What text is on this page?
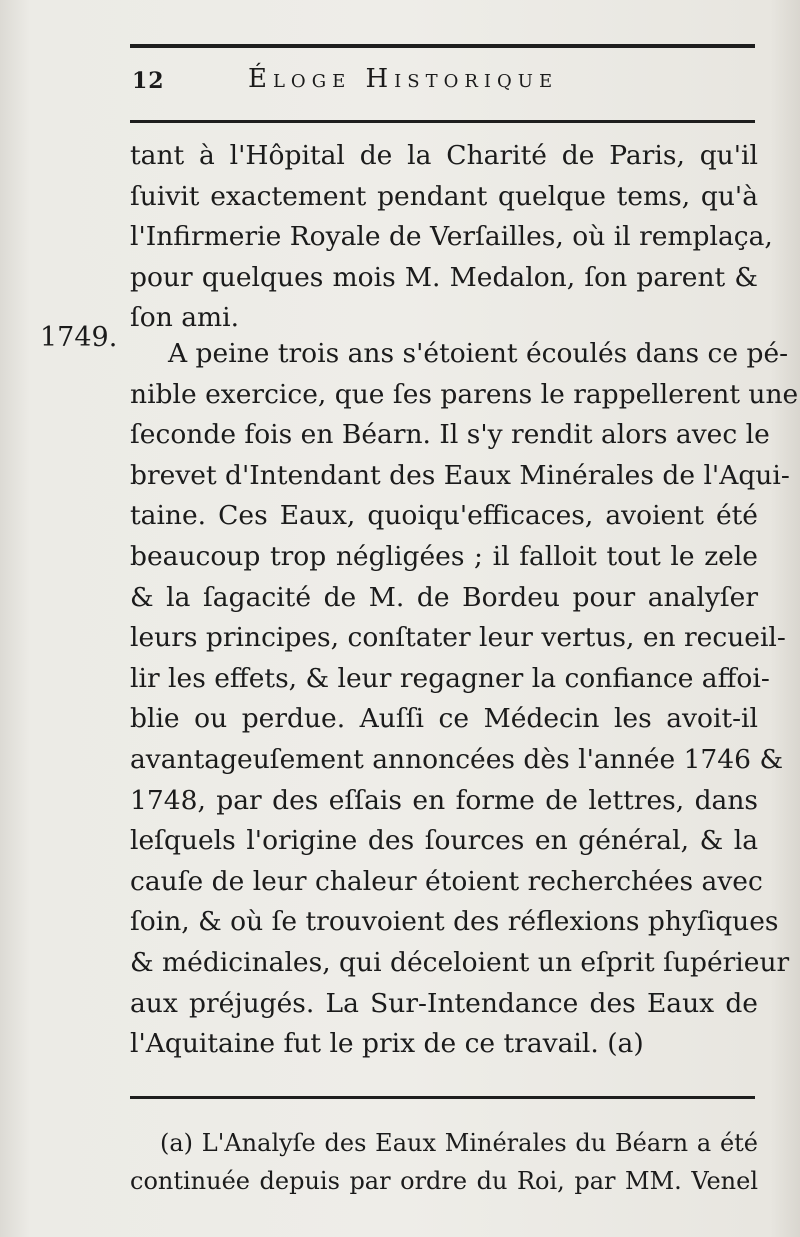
12	Éloge Historique
1749.
tant à l'Hôpital de la Charité de Paris, qu'il
ſuivit exactement pendant quelque tems, qu'à
l'Infirmerie Royale de Verſailles, où il remplaça,
pour quelques mois M. Medalon, ſon parent &
ſon ami.
A peine trois ans s'étoient écoulés dans ce pé-
nible exercice, que ſes parens le rappellerent une
ſeconde fois en Béarn. Il s'y rendit alors avec le
brevet d'Intendant des Eaux Minérales de l'Aqui-
taine. Ces Eaux, quoiqu'efficaces, avoient été
beaucoup trop négligées ; il falloit tout le zele
& la ſagacité de M. de Bordeu pour analyſer
leurs principes, conſtater leur vertus, en recueil-
lir les effets, & leur regagner la confiance affoi-
blie ou perdue. Auſſi ce Médecin les avoit-il
avantageuſement annoncées dès l'année 1746 &
1748, par des eſſais en forme de lettres, dans
leſquels l'origine des ſources en général, & la
cauſe de leur chaleur étoient recherchées avec
ſoin, & où ſe trouvoient des réflexions phyſiques
& médicinales, qui déceloient un eſprit ſupérieur
aux préjugés. La Sur-Intendance des Eaux de
l'Aquitaine fut le prix de ce travail. (a)
(a) L'Analyſe des Eaux Minérales du Béarn a été
continuée depuis par ordre du Roi, par MM. Venel
